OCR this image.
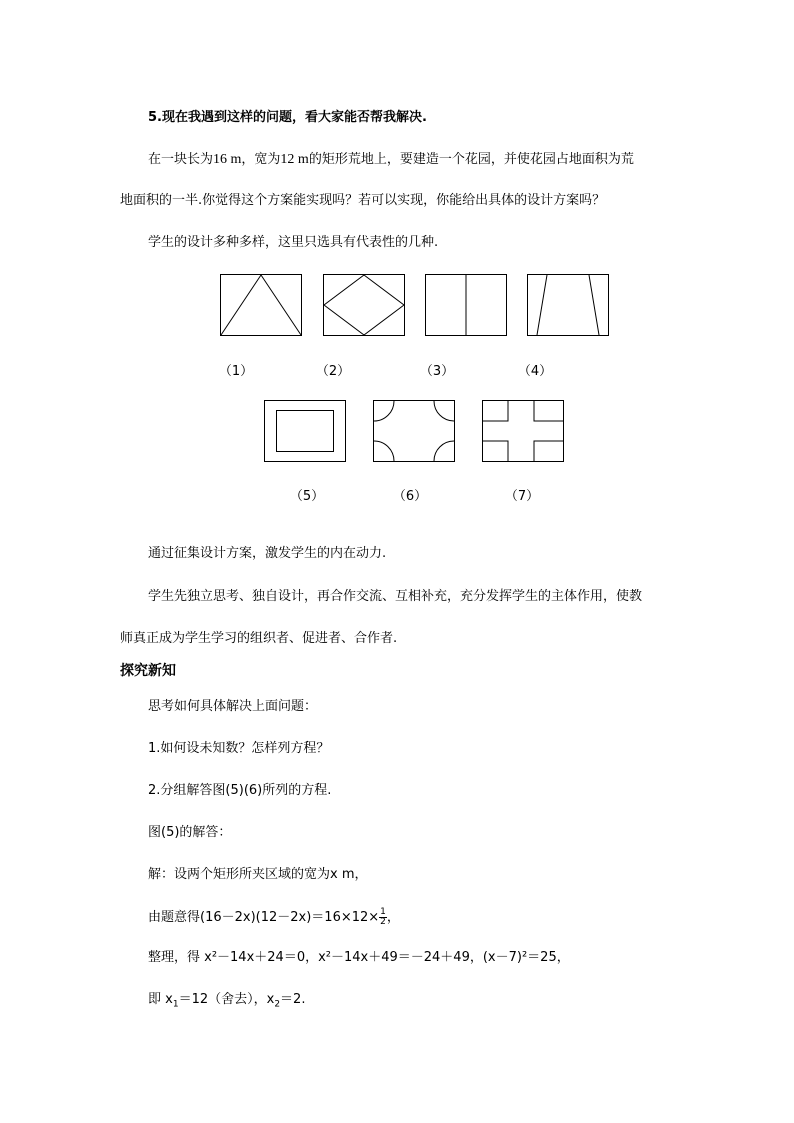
5.现在我遇到这样的问题，看大家能否帮我解决.
在一块长为16 m，宽为12 m的矩形荒地上，要建造一个花园，并使花园占地面积为荒
地面积的一半.你觉得这个方案能实现吗？若可以实现，你能给出具体的设计方案吗？
学生的设计多种多样，这里只选具有代表性的几种.
（1）	（2）	（3）	（4）
（5）	（6）	（7）
通过征集设计方案，激发学生的内在动力.
学生先独立思考、独自设计，再合作交流、互相补充，充分发挥学生的主体作用，使教
师真正成为学生学习的组织者、促进者、合作者.
探究新知
思考如何具体解决上面问题：
1.如何设未知数？怎样列方程？
2.分组解答图(5)(6)所列的方程.
图(5)的解答：
解：设两个矩形所夹区域的宽为x m，
由题意得$(16-2x)(12-2x)=16\times 12\times \frac{1}{2}$，
整理，得 x²－14x＋24＝0，x²－14x＋49＝－24＋49，(x－7)²＝25，
即 $x_1=12$（舍去），$x_2=2$.
